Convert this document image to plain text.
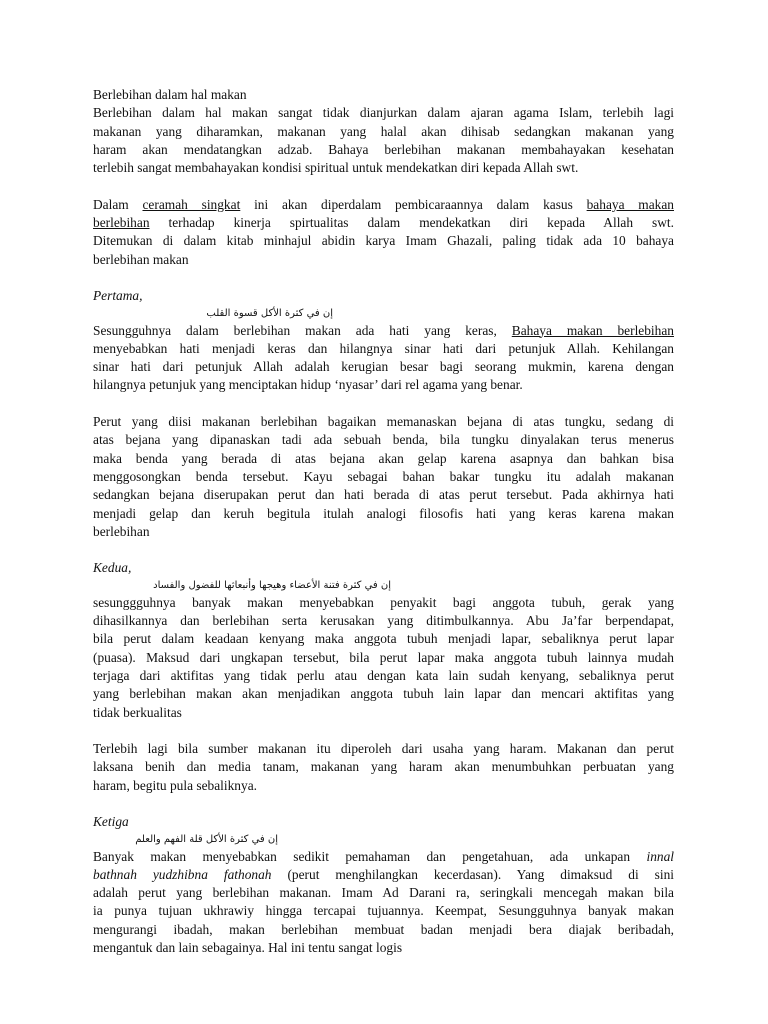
Berlebihan dalam hal makan
Berlebihan dalam hal makan sangat tidak dianjurkan dalam ajaran agama Islam, terlebih lagi
makanan yang diharamkan, makanan yang halal akan dihisab sedangkan makanan yang
haram akan mendatangkan adzab. Bahaya berlebihan makanan membahayakan kesehatan
terlebih sangat membahayakan kondisi spiritual untuk mendekatkan diri kepada Allah swt.
Dalam ceramah singkat ini akan diperdalam pembicaraannya dalam kasus bahaya makan
berlebihan terhadap kinerja spirtualitas dalam mendekatkan diri kepada Allah swt.
Ditemukan di dalam kitab minhajul abidin karya Imam Ghazali, paling tidak ada 10 bahaya
berlebihan makan
Pertama,
إن في كثرة الأكل قسوة القلب
Sesungguhnya dalam berlebihan makan ada hati yang keras, Bahaya makan berlebihan
menyebabkan hati menjadi keras dan hilangnya sinar hati dari petunjuk Allah. Kehilangan
sinar hati dari petunjuk Allah adalah kerugian besar bagi seorang mukmin, karena dengan
hilangnya petunjuk yang menciptakan hidup ‘nyasar’ dari rel agama yang benar.
Perut yang diisi makanan berlebihan bagaikan memanaskan bejana di atas tungku, sedang di
atas bejana yang dipanaskan tadi ada sebuah benda, bila tungku dinyalakan terus menerus
maka benda yang berada di atas bejana akan gelap karena asapnya dan bahkan bisa
menggosongkan benda tersebut. Kayu sebagai bahan bakar tungku itu adalah makanan
sedangkan bejana diserupakan perut dan hati berada di atas perut tersebut. Pada akhirnya hati
menjadi gelap dan keruh begitula itulah analogi filosofis hati yang keras karena makan
berlebihan
Kedua,
إن في كثرة فتنة الأعضاء وهيجها وأنبعاثها للفضول والفساد
sesunggguhnya banyak makan menyebabkan penyakit bagi anggota tubuh, gerak yang
dihasilkannya dan berlebihan serta kerusakan yang ditimbulkannya. Abu Ja’far berpendapat,
bila perut dalam keadaan kenyang maka anggota tubuh menjadi lapar, sebaliknya perut lapar
(puasa). Maksud dari ungkapan tersebut, bila perut lapar maka anggota tubuh lainnya mudah
terjaga dari aktifitas yang tidak perlu atau dengan kata lain sudah kenyang, sebaliknya perut
yang berlebihan makan akan menjadikan anggota tubuh lain lapar dan mencari aktifitas yang
tidak berkualitas
Terlebih lagi bila sumber makanan itu diperoleh dari usaha yang haram. Makanan dan perut
laksana benih dan media tanam, makanan yang haram akan menumbuhkan perbuatan yang
haram, begitu pula sebaliknya.
Ketiga
إن في كثرة الأكل قلة الفهم والعلم
Banyak makan menyebabkan sedikit pemahaman dan pengetahuan, ada unkapan innal
bathnah yudzhibna fathonah (perut menghilangkan kecerdasan). Yang dimaksud di sini
adalah perut yang berlebihan makanan. Imam Ad Darani ra, seringkali mencegah makan bila
ia punya tujuan ukhrawiy hingga tercapai tujuannya. Keempat, Sesungguhnya banyak makan
mengurangi ibadah, makan berlebihan membuat badan menjadi bera diajak beribadah,
mengantuk dan lain sebagainya. Hal ini tentu sangat logis
